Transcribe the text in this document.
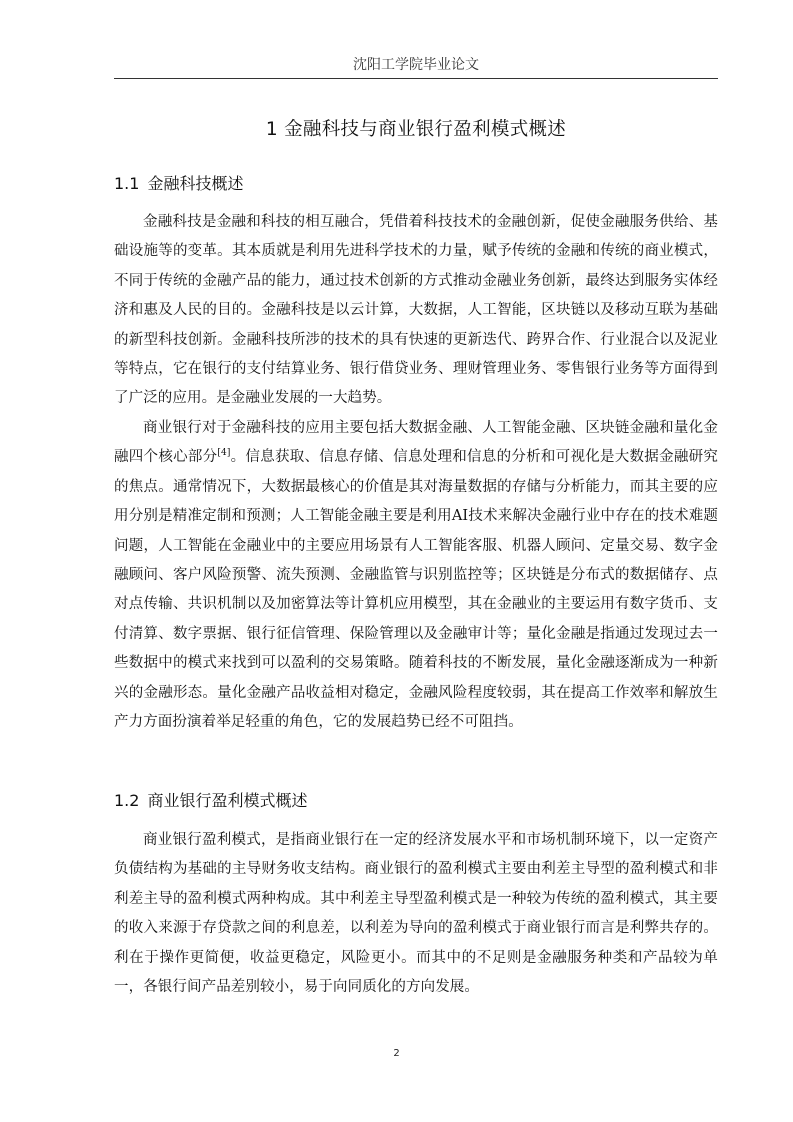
沈阳工学院毕业论文
1 金融科技与商业银行盈利模式概述
1.1 金融科技概述

金融科技是金融和科技的相互融合，凭借着科技技术的金融创新，促使金融服务供给、基础设施等的变革。其本质就是利用先进科学技术的力量，赋予传统的金融和传统的商业模式，不同于传统的金融产品的能力，通过技术创新的方式推动金融业务创新，最终达到服务实体经济和惠及人民的目的。金融科技是以云计算，大数据，人工智能，区块链以及移动互联为基础的新型科技创新。金融科技所涉的技术的具有快速的更新迭代、跨界合作、行业混合以及泥业等特点，它在银行的支付结算业务、银行借贷业务、理财管理业务、零售银行业务等方面得到了广泛的应用。是金融业发展的一大趋势。

商业银行对于金融科技的应用主要包括大数据金融、人工智能金融、区块链金融和量化金融四个核心部分[4]。信息获取、信息存储、信息处理和信息的分析和可视化是大数据金融研究的焦点。通常情况下，大数据最核心的价值是其对海量数据的存储与分析能力，而其主要的应用分别是精准定制和预测；人工智能金融主要是利用AI技术来解决金融行业中存在的技术难题问题，人工智能在金融业中的主要应用场景有人工智能客服、机器人顾问、定量交易、数字金融顾问、客户风险预警、流失预测、金融监管与识别监控等；区块链是分布式的数据储存、点对点传输、共识机制以及加密算法等计算机应用模型，其在金融业的主要运用有数字货币、支付清算、数字票据、银行征信管理、保险管理以及金融审计等；量化金融是指通过发现过去一些数据中的模式来找到可以盈利的交易策略。随着科技的不断发展，量化金融逐渐成为一种新兴的金融形态。量化金融产品收益相对稳定，金融风险程度较弱，其在提高工作效率和解放生产力方面扮演着举足轻重的角色，它的发展趋势已经不可阻挡。

1.2 商业银行盈利模式概述

商业银行盈利模式，是指商业银行在一定的经济发展水平和市场机制环境下，以一定资产负债结构为基础的主导财务收支结构。商业银行的盈利模式主要由利差主导型的盈利模式和非利差主导的盈利模式两种构成。其中利差主导型盈利模式是一种较为传统的盈利模式，其主要的收入来源于存贷款之间的利息差，以利差为导向的盈利模式于商业银行而言是利弊共存的。利在于操作更简便，收益更稳定，风险更小。而其中的不足则是金融服务种类和产品较为单一，各银行间产品差别较小，易于向同质化的方向发展。

2
